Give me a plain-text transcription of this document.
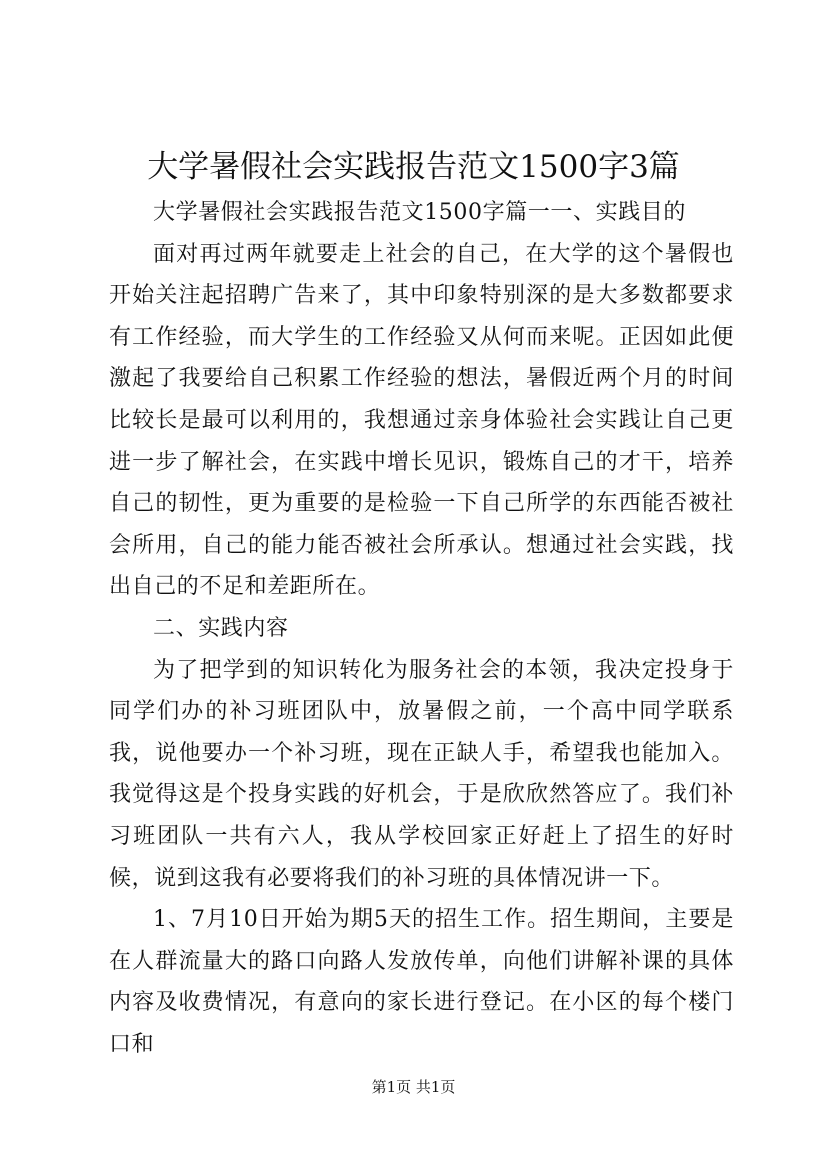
大学暑假社会实践报告范文1500字3篇

大学暑假社会实践报告范文1500字篇一一、实践目的

面对再过两年就要走上社会的自己，在大学的这个暑假也开始关注起招聘广告来了，其中印象特别深的是大多数都要求有工作经验，而大学生的工作经验又从何而来呢。正因如此便激起了我要给自己积累工作经验的想法，暑假近两个月的时间比较长是最可以利用的，我想通过亲身体验社会实践让自己更进一步了解社会，在实践中增长见识，锻炼自己的才干，培养自己的韧性，更为重要的是检验一下自己所学的东西能否被社会所用，自己的能力能否被社会所承认。想通过社会实践，找出自己的不足和差距所在。

二、实践内容

为了把学到的知识转化为服务社会的本领，我决定投身于同学们办的补习班团队中，放暑假之前，一个高中同学联系我，说他要办一个补习班，现在正缺人手，希望我也能加入。我觉得这是个投身实践的好机会，于是欣欣然答应了。我们补习班团队一共有六人，我从学校回家正好赶上了招生的好时候，说到这我有必要将我们的补习班的具体情况讲一下。

1、7月10日开始为期5天的招生工作。招生期间，主要是在人群流量大的路口向路人发放传单，向他们讲解补课的具体内容及收费情况，有意向的家长进行登记。在小区的每个楼门口和

第1页 共1页
